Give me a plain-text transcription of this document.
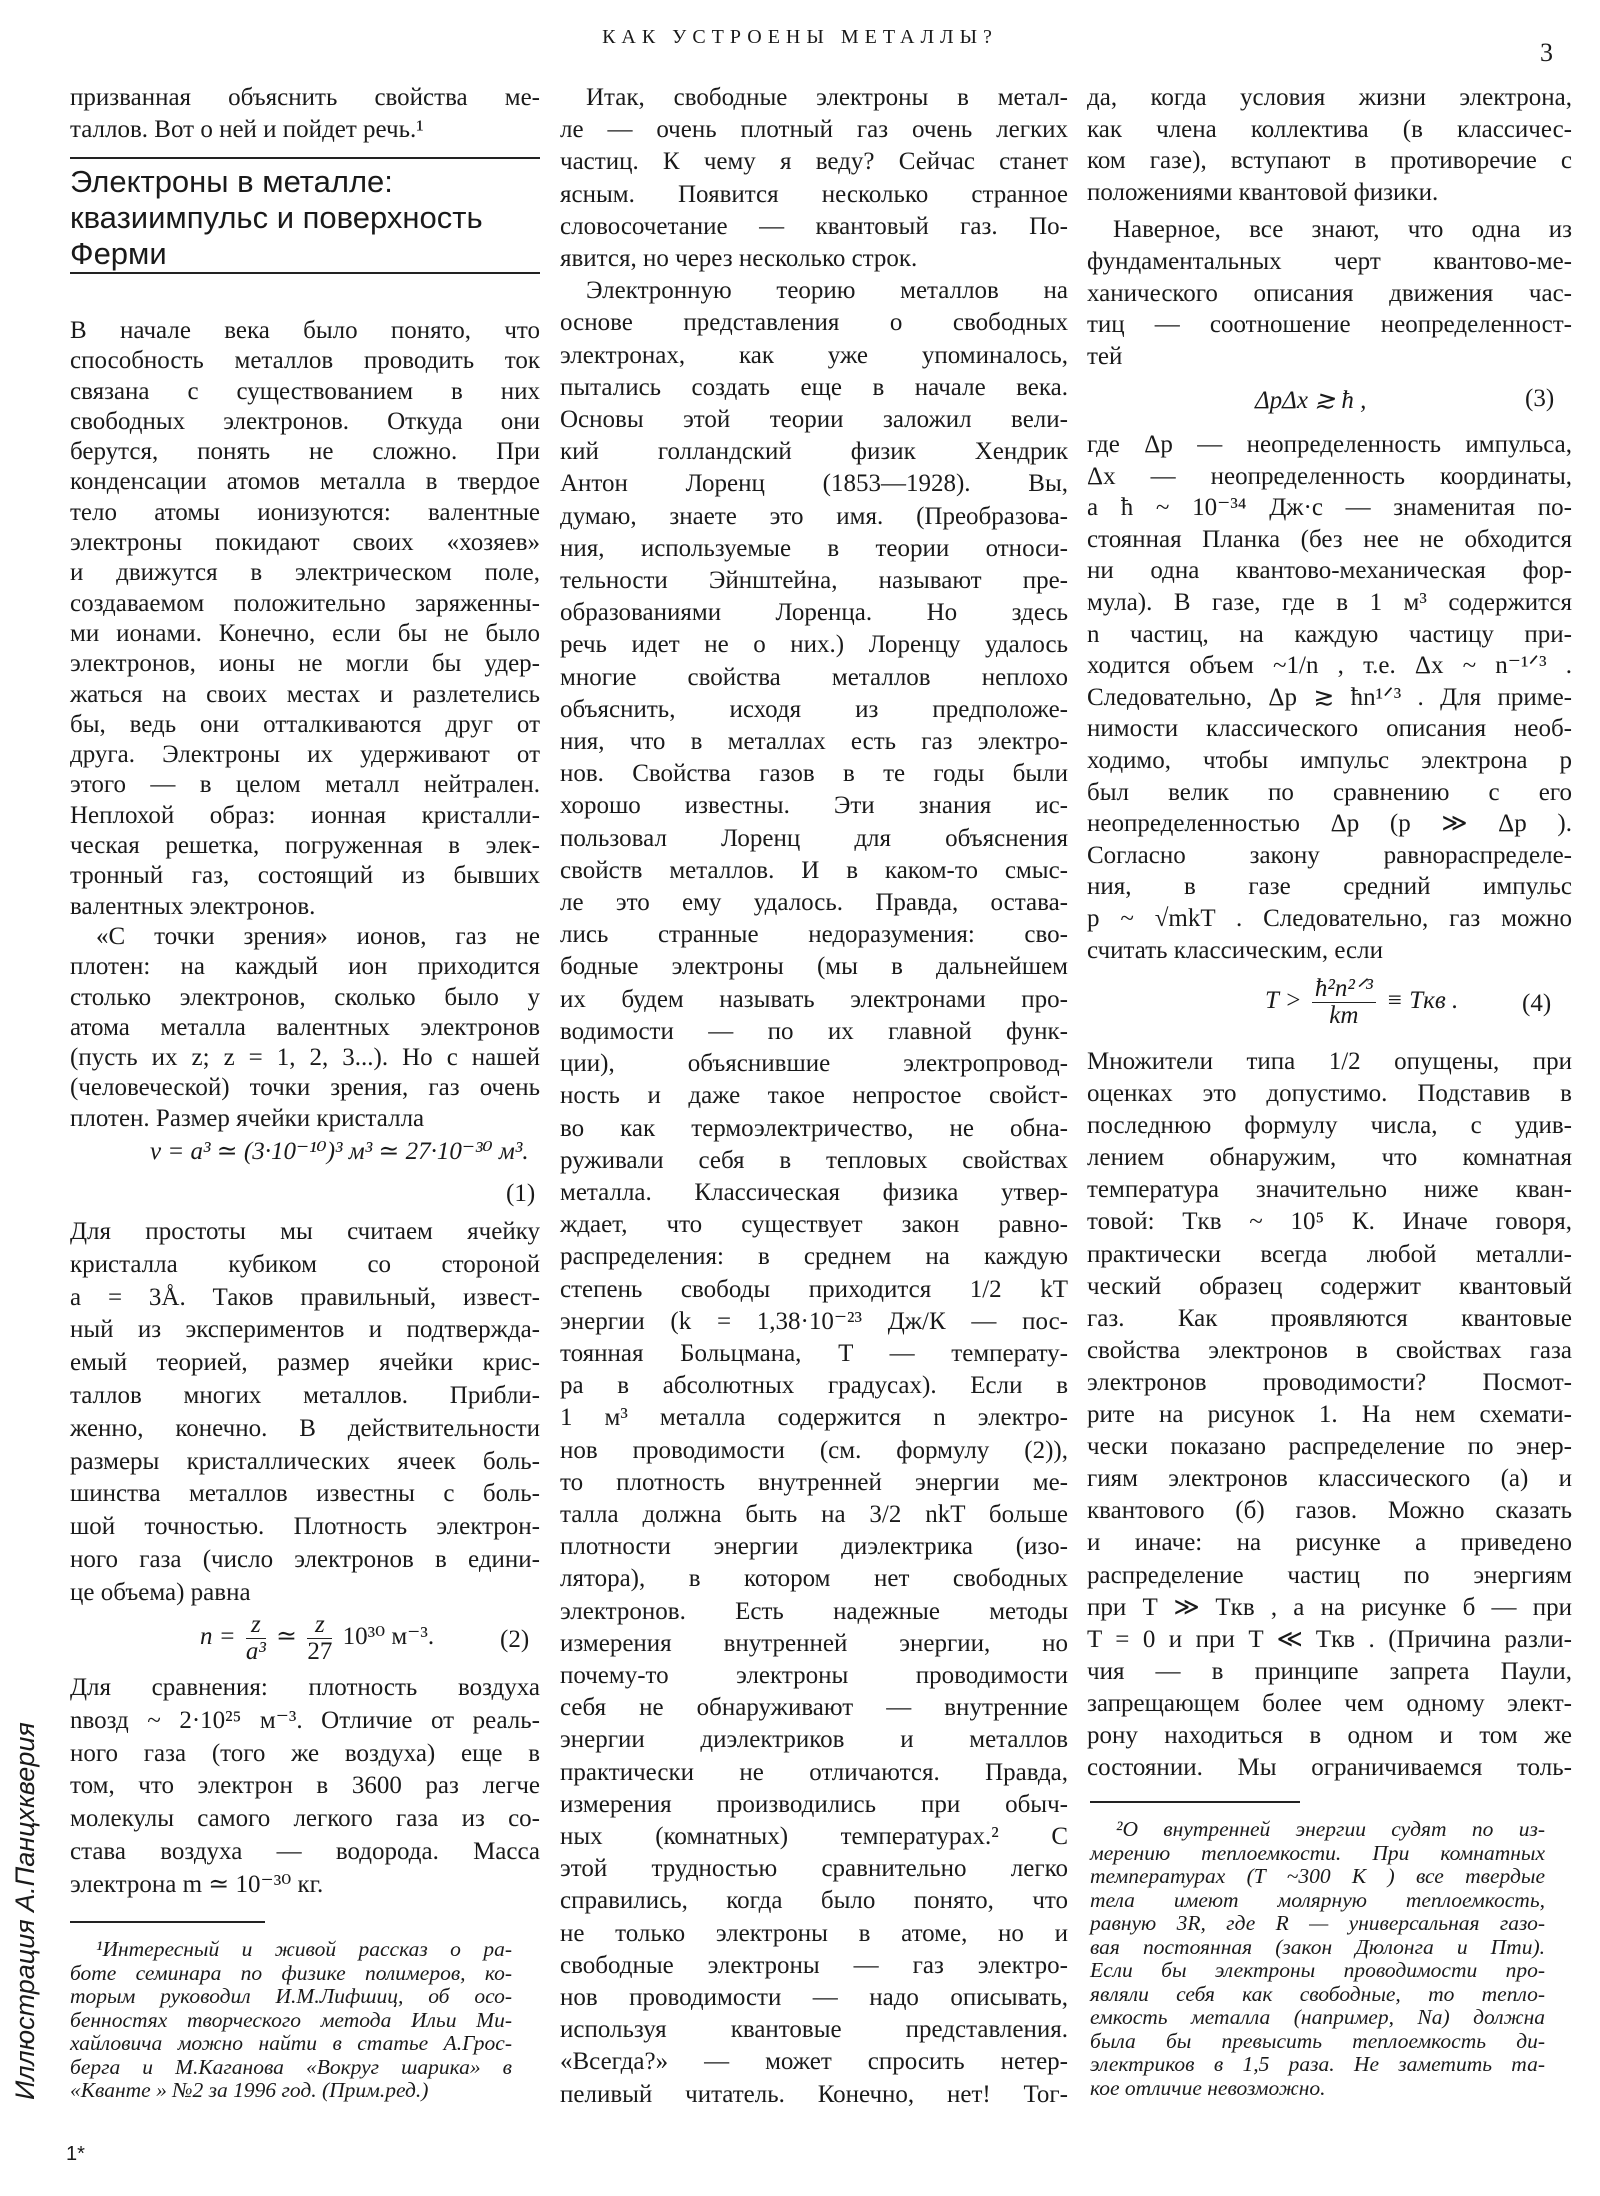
КАК УСТРОЕНЫ МЕТАЛЛЫ?
3
призванная объяснить свойства ме-
таллов. Вот о ней и пойдет речь.¹
Электроны в металле:
квазиимпульс и поверхность
Ферми
В начале века было понято, что
способность металлов проводить ток
связана с существованием в них
свободных электронов. Откуда они
берутся, понять не сложно. При
конденсации атомов металла в твердое
тело атомы ионизуются: валентные
электроны покидают своих «хозяев»
и движутся в электрическом поле,
создаваемом положительно заряженны-
ми ионами. Конечно, если бы не было
электронов, ионы не могли бы удер-
жаться на своих местах и разлетелись
бы, ведь они отталкиваются друг от
друга. Электроны их удерживают от
этого — в целом металл нейтрален.
Неплохой образ: ионная кристалли-
ческая решетка, погруженная в элек-
тронный газ, состоящий из бывших
валентных электронов.
«С точки зрения» ионов, газ не
плотен: на каждый ион приходится
столько электронов, сколько было у
атома металла валентных электронов
(пусть их z; z = 1, 2, 3...). Но с нашей
(человеческой) точки зрения, газ очень
плотен. Размер ячейки кристалла
v = a³ ≃ (3·10⁻¹⁰)³ м³ ≃ 27·10⁻³⁰ м³.
(1)
Для простоты мы считаем ячейку
кристалла кубиком со стороной
a = 3Å. Таков правильный, извест-
ный из экспериментов и подтвержда-
емый теорией, размер ячейки крис-
таллов многих металлов. Прибли-
женно, конечно. В действительности
размеры кристаллических ячеек боль-
шинства металлов известны с боль-
шой точностью. Плотность электрон-
ного газа (число электронов в едини-
це объема) равна
$n = \frac{z}{\text{a³}}$ ≃ $\frac{z}{27} 10^{30}$ м⁻³.	(2)
Для сравнения: плотность воздуха
nвозд ~ 2·10²⁵ м⁻³. Отличие от реаль-
ного газа (того же воздуха) еще в
том, что электрон в 3600 раз легче
молекулы самого легкого газа из со-
става воздуха — водорода. Масса
электрона m ≃ 10⁻³⁰ кг.
¹Интересный и живой рассказ о ра-
боте семинара по физике полимеров, ко-
торым руководил И.М.Лифшиц, об осо-
бенностях творческого метода Ильи Ми-
хайловича можно найти в статье А.Грос-
берга и М.Каганова «Вокруг шарика» в
«Кванте » №2 за 1996 год. (Прим.ред.)
Иллюстрация А.Панцхкверия
1*
Итак, свободные электроны в метал-
ле — очень плотный газ очень легких
частиц. К чему я веду? Сейчас станет
ясным. Появится несколько странное
словосочетание — квантовый газ. По-
явится, но через несколько строк.
Электронную теорию металлов на
основе представления о свободных
электронах, как уже упоминалось,
пытались создать еще в начале века.
Основы этой теории заложил вели-
кий голландский физик Хендрик
Антон Лоренц (1853—1928). Вы,
думаю, знаете это имя. (Преобразова-
ния, используемые в теории относи-
тельности Эйнштейна, называют пре-
образованиями Лоренца. Но здесь
речь идет не о них.) Лоренцу удалось
многие свойства металлов неплохо
объяснить, исходя из предположе-
ния, что в металлах есть газ электро-
нов. Свойства газов в те годы были
хорошо известны. Эти знания ис-
пользовал Лоренц для объяснения
свойств металлов. И в каком-то смыс-
ле это ему удалось. Правда, остава-
лись странные недоразумения: сво-
бодные электроны (мы в дальнейшем
их будем называть электронами про-
водимости — по их главной функ-
ции), объяснившие электропровод-
ность и даже такое непростое свойст-
во как термоэлектричество, не обна-
руживали себя в тепловых свойствах
металла. Классическая физика утвер-
ждает, что существует закон равно-
распределения: в среднем на каждую
степень свободы приходится 1/2 kT
энергии (k = 1,38·10⁻²³ Дж/К — пос-
тоянная Больцмана, T — температу-
ра в абсолютных градусах). Если в
1 м³ металла содержится n электро-
нов проводимости (см. формулу (2)),
то плотность внутренней энергии ме-
талла должна быть на 3/2 nkT больше
плотности энергии диэлектрика (изо-
лятора), в котором нет свободных
электронов. Есть надежные методы
измерения внутренней энергии, но
почему-то электроны проводимости
себя не обнаруживают — внутренние
энергии диэлектриков и металлов
практически не отличаются. Правда,
измерения производились при обыч-
ных (комнатных) температурах.² С
этой трудностью сравнительно легко
справились, когда было понято, что
не только электроны в атоме, но и
свободные электроны — газ электро-
нов проводимости — надо описывать,
используя квантовые представления.
«Всегда?» — может спросить нетер-
пеливый читатель. Конечно, нет! Тог-
да, когда условия жизни электрона,
как члена коллектива (в классичес-
ком газе), вступают в противоречие с
положениями квантовой физики.
Наверное, все знают, что одна из
фундаментальных черт квантово-ме-
ханического описания движения час-
тиц — соотношение неопределенност-
тей
ΔpΔx ≳ ħ ,	(3)
где Δp — неопределенность импульса,
Δx — неопределенность координаты,
а ħ ~ 10⁻³⁴ Дж·с — знаменитая по-
стоянная Планка (без нее не обходится
ни одна квантово-механическая фор-
мула). В газе, где в 1 м³ содержится
n частиц, на каждую частицу при-
ходится объем ~1/n , т.е. Δx ~ n⁻¹ᐟ³ .
Следовательно, Δp ≳ ħn¹ᐟ³ . Для приме-
нимости классического описания необ-
ходимо, чтобы импульс электрона p
был велик по сравнению с его
неопределенностью Δp (p ≫ Δp ).
Согласно закону равнораспределе-
ния, в газе средний импульс
p ~ √mkT . Следовательно, газ можно
считать классическим, если
$T > \frac{\text{ħ²n²ᐟ³}}{km}$ ≡ Tкв .	(4)
Множители типа 1/2 опущены, при
оценках это допустимо. Подставив в
последнюю формулу числа, с удив-
лением обнаружим, что комнатная
температура значительно ниже кван-
товой: Tкв ~ 10⁵ К. Иначе говоря,
практически всегда любой металли-
ческий образец содержит квантовый
газ. Как проявляются квантовые
свойства электронов в свойствах газа
электронов проводимости? Посмот-
рите на рисунок 1. На нем схемати-
чески показано распределение по энер-
гиям электронов классического (a) и
квантового (б) газов. Можно сказать
и иначе: на рисунке a приведено
распределение частиц по энергиям
при T ≫ Tкв , а на рисунке б — при
T = 0 и при T ≪ Tкв . (Причина разли-
чия — в принципе запрета Паули,
запрещающем более чем одному элект-
рону находиться в одном и том же
состоянии. Мы ограничиваемся толь-
²О внутренней энергии судят по из-
мерению теплоемкости. При комнатных
температурах (T ~300 K ) все твердые
тела имеют молярную теплоемкость,
равную 3R, где R — универсальная газо-
вая постоянная (закон Дюлонга и Пти).
Если бы электроны проводимости про-
являли себя как свободные, то тепло-
емкость металла (например, Na) должна
была бы превысить теплоемкость ди-
электриков в 1,5 раза. Не заметить та-
кое отличие невозможно.
